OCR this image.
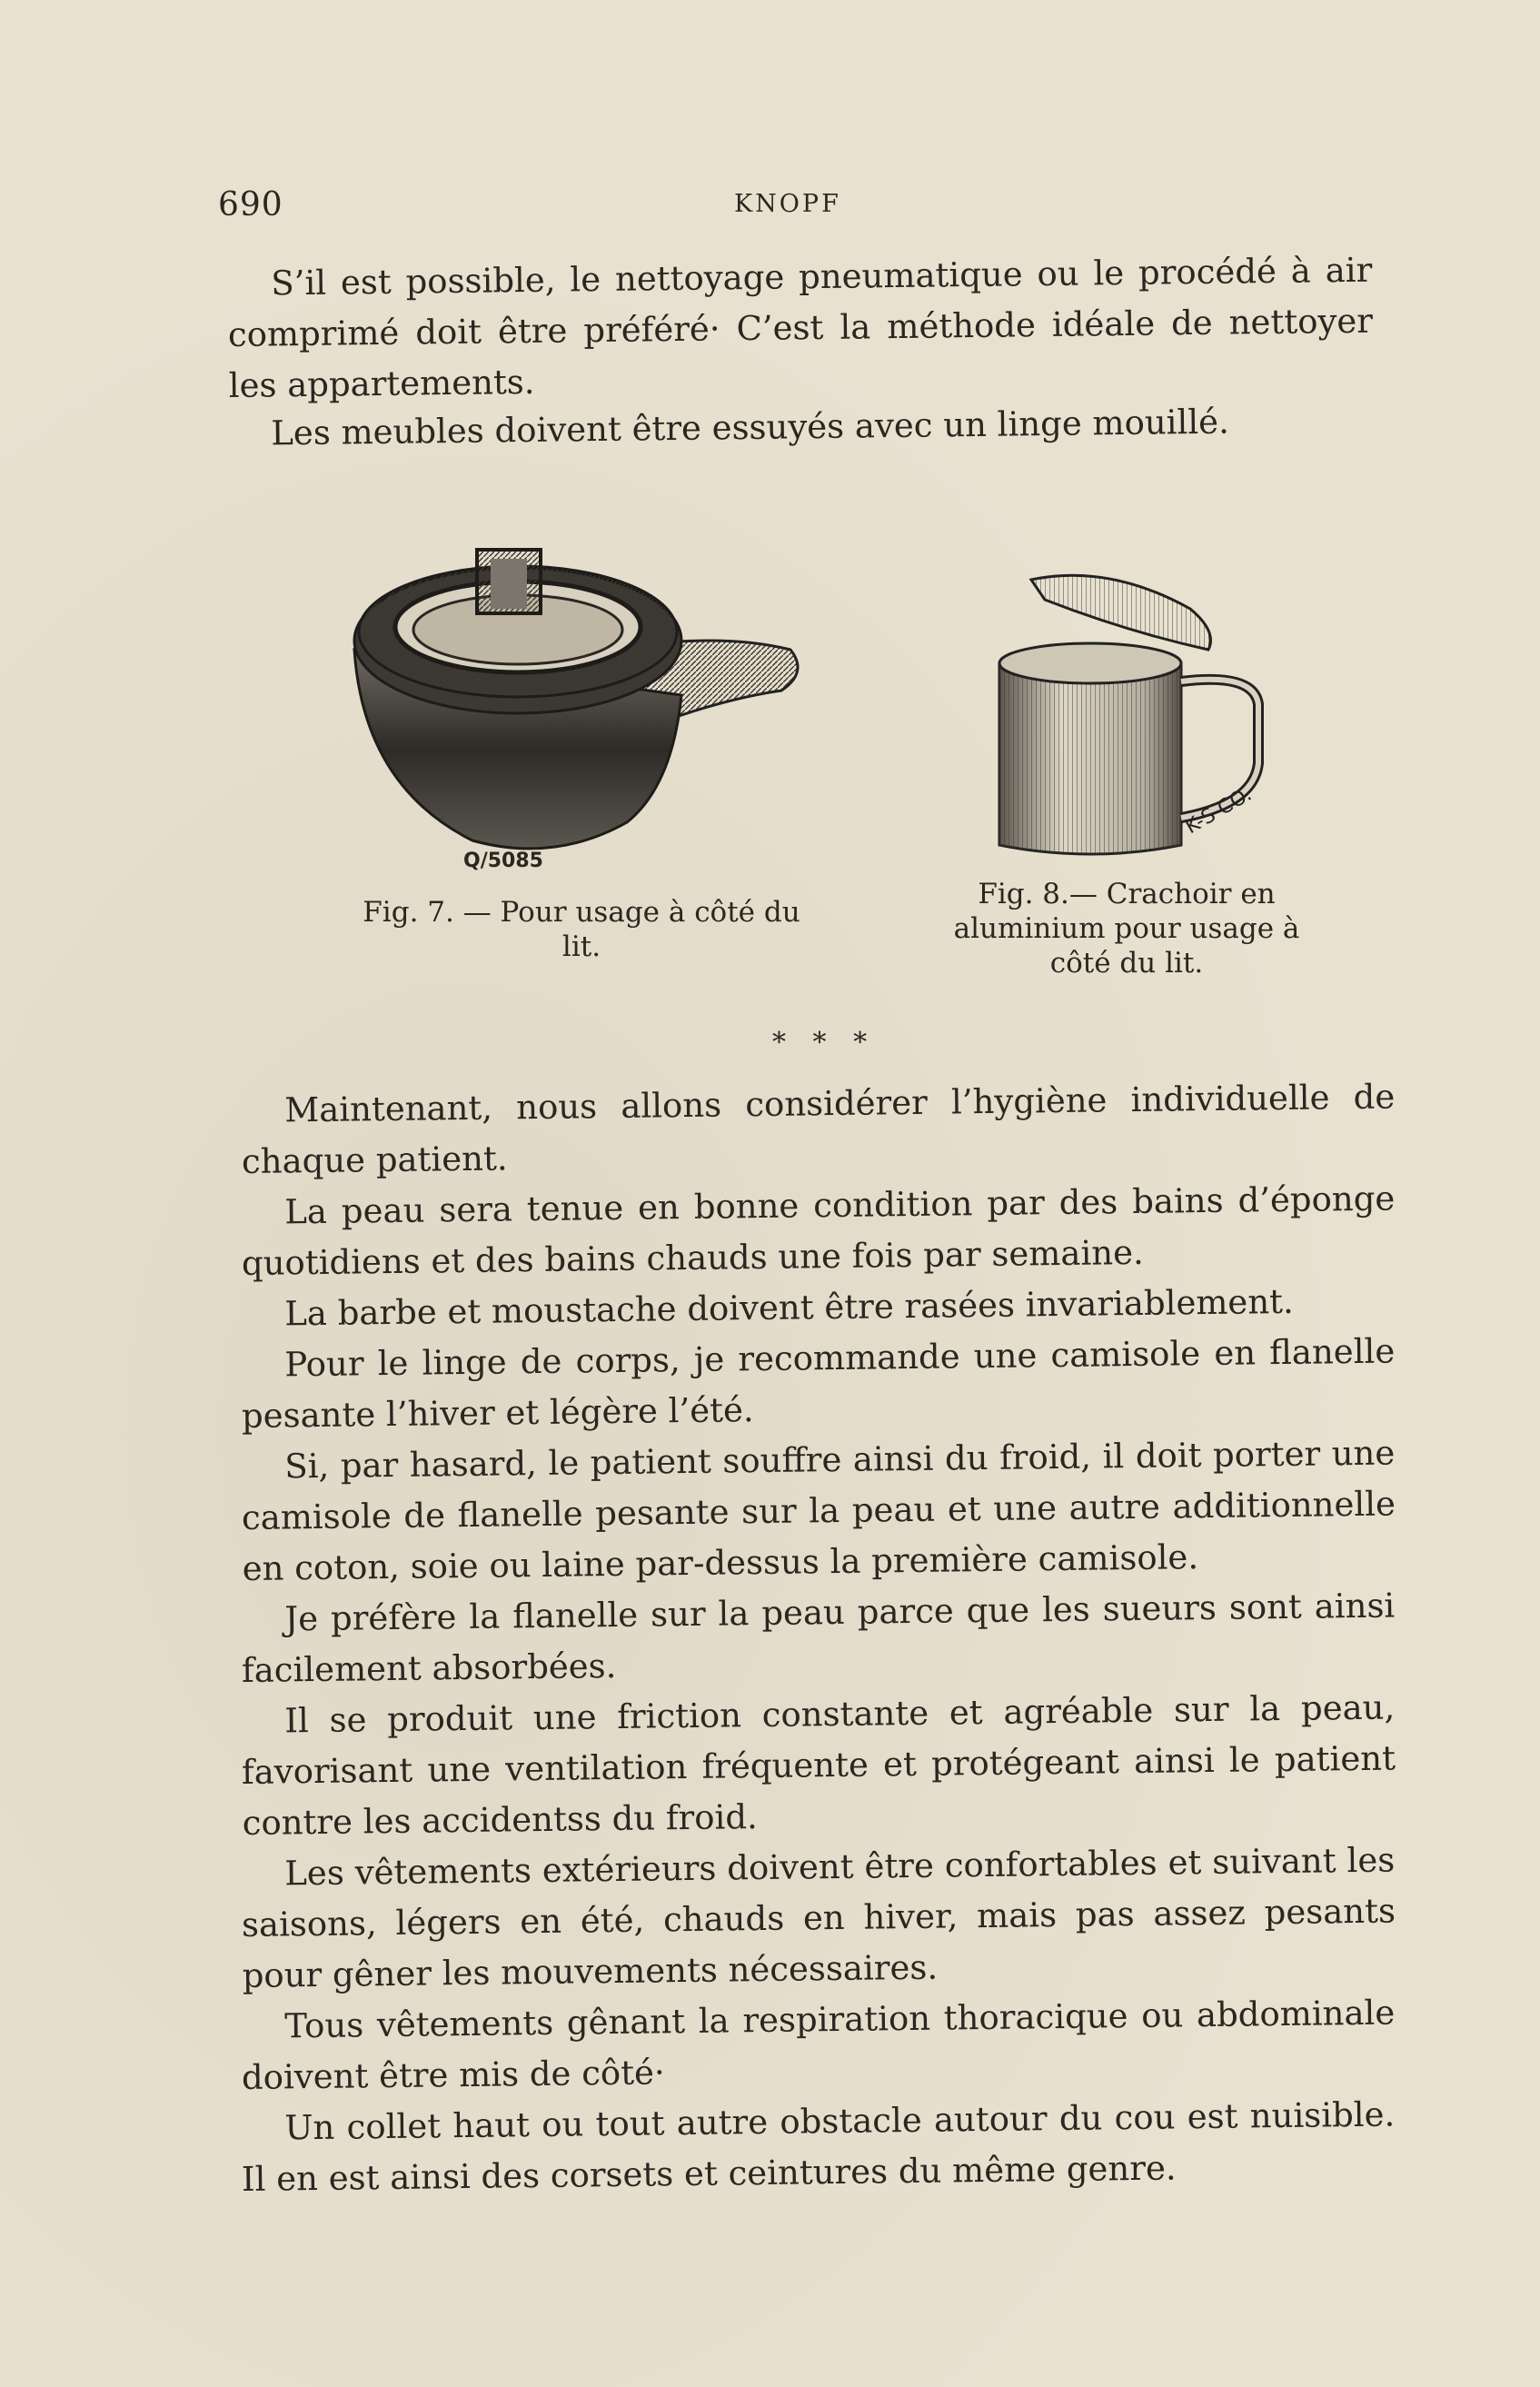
690	KNOPF

S’il est possible, le nettoyage pneumatique ou le procédé à air comprimé doit être préféré· C’est la méthode idéale de nettoyer les appartements.

Les meubles doivent être essuyés avec un linge mouillé.

Q/5085
Fig. 7. — Pour usage à côté du lit.
K-S CO.
Fig. 8.— Crachoir en aluminium pour usage à côté du lit.
* * *

Maintenant, nous allons considérer l’hygiène individuelle de chaque patient.

La peau sera tenue en bonne condition par des bains d’éponge quotidiens et des bains chauds une fois par semaine.

La barbe et moustache doivent être rasées invariablement.

Pour le linge de corps, je recommande une camisole en flanelle pesante l’hiver et légère l’été.

Si, par hasard, le patient souffre ainsi du froid, il doit porter une camisole de flanelle pesante sur la peau et une autre additionnelle en coton, soie ou laine par-dessus la première camisole.

Je préfère la flanelle sur la peau parce que les sueurs sont ainsi facilement absorbées.

Il se produit une friction constante et agréable sur la peau, favorisant une ventilation fréquente et protégeant ainsi le patient contre les accidentss du froid.

Les vêtements extérieurs doivent être confortables et suivant les saisons, légers en été, chauds en hiver, mais pas assez pesants pour gêner les mouvements nécessaires.

Tous vêtements gênant la respiration thoracique ou abdominale doivent être mis de côté·

Un collet haut ou tout autre obstacle autour du cou est nuisible. Il en est ainsi des corsets et ceintures du même genre.
